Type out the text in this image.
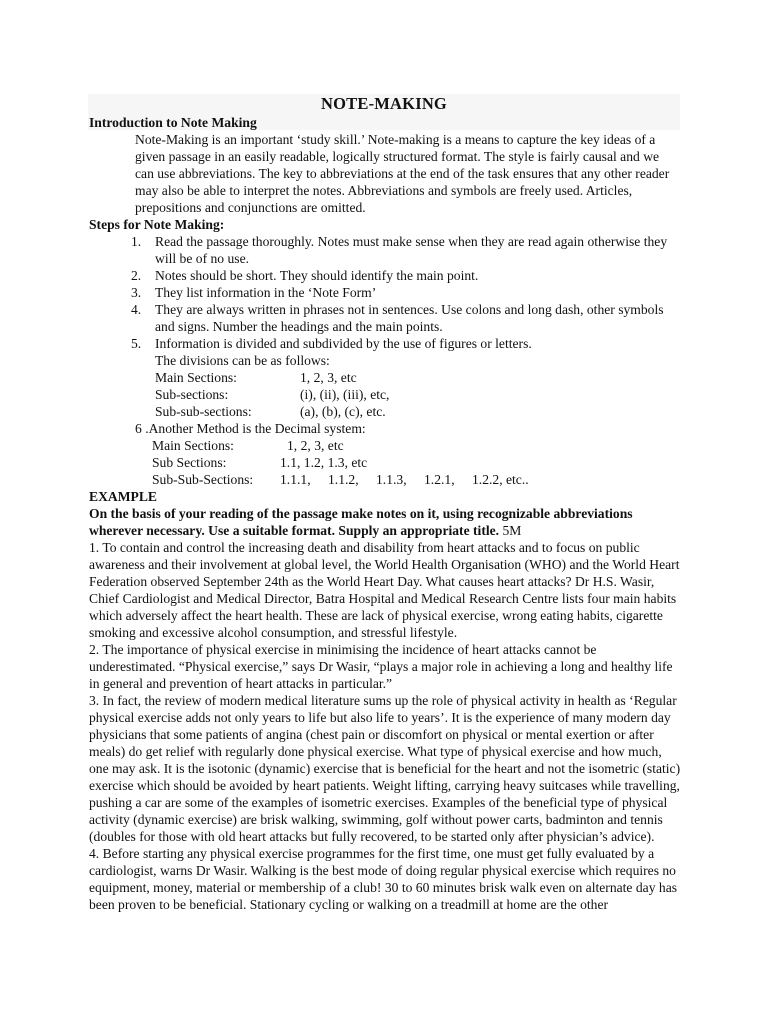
NOTE-MAKING

Introduction to Note Making

Note-Making is an important ‘study skill.’ Note-making is a means to capture the key ideas of a given passage in an easily readable, logically structured format. The style is fairly causal and we can use abbreviations. The key to abbreviations at the end of the task ensures that any other reader may also be able to interpret the notes. Abbreviations and symbols are freely used. Articles, prepositions and conjunctions are omitted.

Steps for Note Making:

1. Read the passage thoroughly. Notes must make sense when they are read again otherwise they will be of no use.
2. Notes should be short. They should identify the main point.
3. They list information in the ‘Note Form’
4. They are always written in phrases not in sentences. Use colons and long dash, other symbols and signs. Number the headings and the main points.
5. Information is divided and subdivided by the use of figures or letters.

The divisions can be as follows:

Main Sections:	1, 2, 3, etc
Sub-sections:	(i), (ii), (iii), etc,
Sub-sub-sections:	(a), (b), (c), etc.

6 .Another Method is the Decimal system:

Main Sections:	1, 2, 3, etc
Sub Sections:	1.1, 1.2, 1.3, etc
Sub-Sub-Sections:	1.1.1, 1.1.2, 1.1.3, 1.2.1, 1.2.2, etc..

EXAMPLE

On the basis of your reading of the passage make notes on it, using recognizable abbreviations wherever necessary. Use a suitable format. Supply an appropriate title. 5M

1. To contain and control the increasing death and disability from heart attacks and to focus on public awareness and their involvement at global level, the World Health Organisation (WHO) and the World Heart Federation observed September 24th as the World Heart Day. What causes heart attacks? Dr H.S. Wasir, Chief Cardiologist and Medical Director, Batra Hospital and Medical Research Centre lists four main habits which adversely affect the heart health. These are lack of physical exercise, wrong eating habits, cigarette smoking and excessive alcohol consumption, and stressful lifestyle.

2. The importance of physical exercise in minimising the incidence of heart attacks cannot be underestimated. “Physical exercise,” says Dr Wasir, “plays a major role in achieving a long and healthy life in general and prevention of heart attacks in particular.”

3. In fact, the review of modern medical literature sums up the role of physical activity in health as ‘Regular physical exercise adds not only years to life but also life to years’. It is the experience of many modern day physicians that some patients of angina (chest pain or discomfort on physical or mental exertion or after meals) do get relief with regularly done physical exercise. What type of physical exercise and how much, one may ask. It is the isotonic (dynamic) exercise that is beneficial for the heart and not the isometric (static) exercise which should be avoided by heart patients. Weight lifting, carrying heavy suitcases while travelling, pushing a car are some of the examples of isometric exercises. Examples of the beneficial type of physical activity (dynamic exercise) are brisk walking, swimming, golf without power carts, badminton and tennis (doubles for those with old heart attacks but fully recovered, to be started only after physician’s advice).

4. Before starting any physical exercise programmes for the first time, one must get fully evaluated by a cardiologist, warns Dr Wasir. Walking is the best mode of doing regular physical exercise which requires no equipment, money, material or membership of a club! 30 to 60 minutes brisk walk even on alternate day has been proven to be beneficial. Stationary cycling or walking on a treadmill at home are the other
